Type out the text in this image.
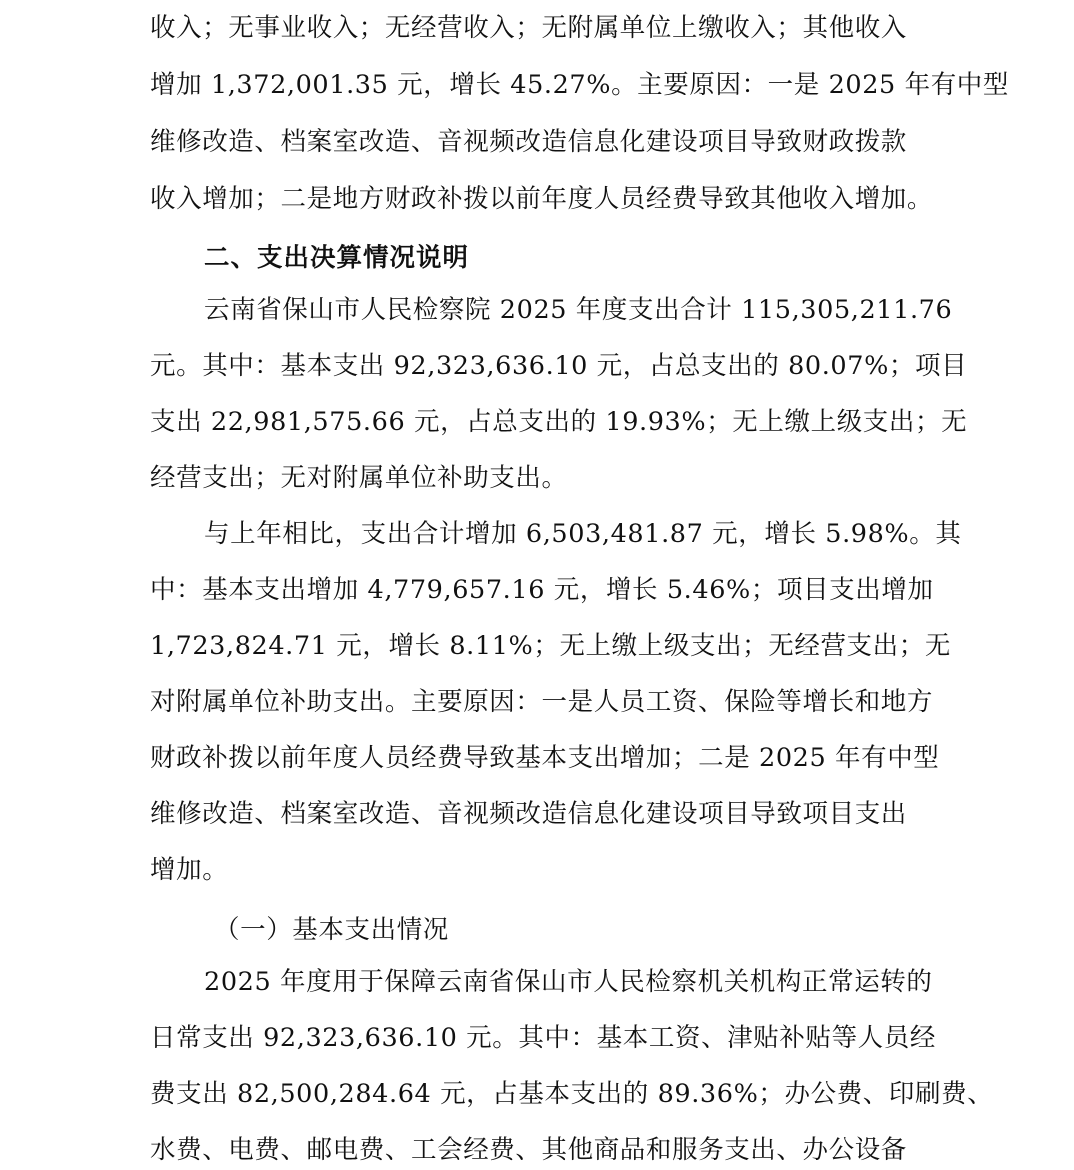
收入；无事业收入；无经营收入；无附属单位上缴收入；其他收入
增加 1,372,001.35 元，增长 45.27%。主要原因：一是 2025 年有中型
维修改造、档案室改造、音视频改造信息化建设项目导致财政拨款
收入增加；二是地方财政补拨以前年度人员经费导致其他收入增加。
二、支出决算情况说明
云南省保山市人民检察院 2025 年度支出合计 115,305,211.76
元。其中：基本支出 92,323,636.10 元，占总支出的 80.07%；项目
支出 22,981,575.66 元，占总支出的 19.93%；无上缴上级支出；无
经营支出；无对附属单位补助支出。
与上年相比，支出合计增加 6,503,481.87 元，增长 5.98%。其
中：基本支出增加 4,779,657.16 元，增长 5.46%；项目支出增加
1,723,824.71 元，增长 8.11%；无上缴上级支出；无经营支出；无
对附属单位补助支出。主要原因：一是人员工资、保险等增长和地方
财政补拨以前年度人员经费导致基本支出增加；二是 2025 年有中型
维修改造、档案室改造、音视频改造信息化建设项目导致项目支出
增加。
（一）基本支出情况
2025 年度用于保障云南省保山市人民检察机关机构正常运转的
日常支出 92,323,636.10 元。其中：基本工资、津贴补贴等人员经
费支出 82,500,284.64 元，占基本支出的 89.36%；办公费、印刷费、
水费、电费、邮电费、工会经费、其他商品和服务支出、办公设备
